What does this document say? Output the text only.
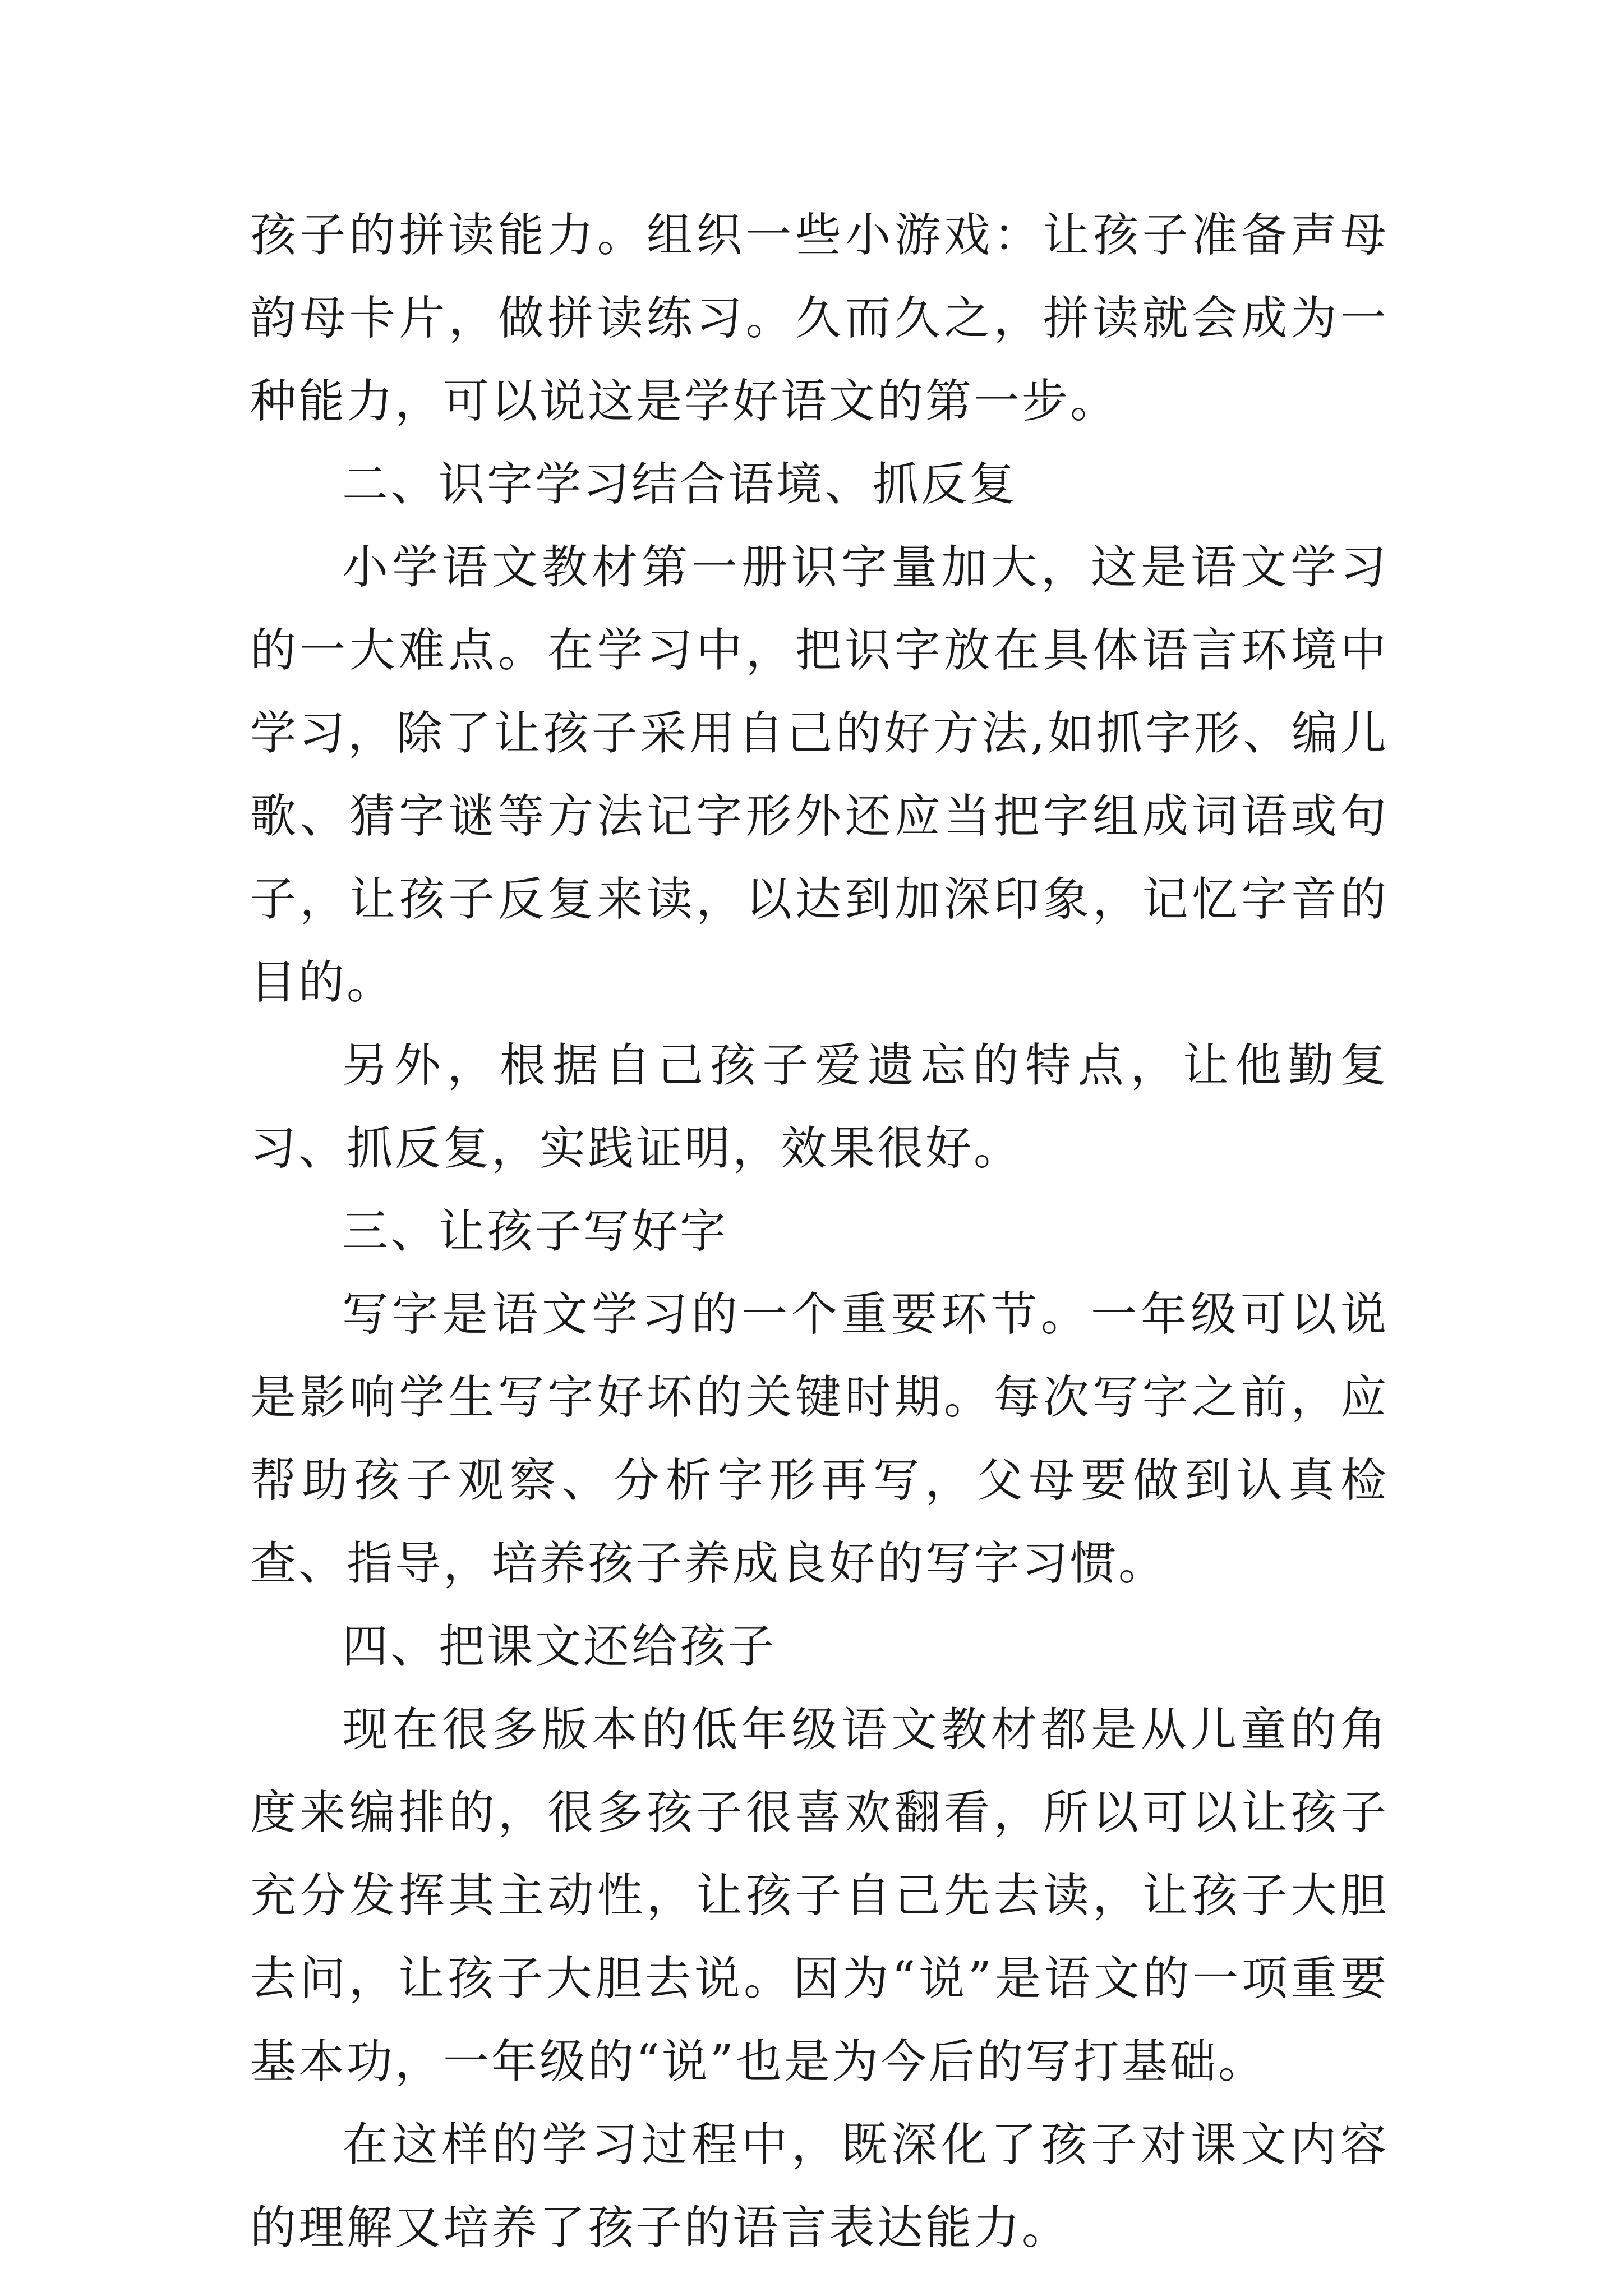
孩子的拼读能力。组织一些小游戏：让孩子准备声母韵母卡片，做拼读练习。久而久之，拼读就会成为一种能力，可以说这是学好语文的第一步。

二、识字学习结合语境、抓反复

小学语文教材第一册识字量加大，这是语文学习的一大难点。在学习中，把识字放在具体语言环境中学习，除了让孩子采用自己的好方法,如抓字形、编儿歌、猜字谜等方法记字形外还应当把字组成词语或句子，让孩子反复来读，以达到加深印象，记忆字音的目的。

另外，根据自己孩子爱遗忘的特点，让他勤复习、抓反复，实践证明，效果很好。

三、让孩子写好字

写字是语文学习的一个重要环节。一年级可以说是影响学生写字好坏的关键时期。每次写字之前，应帮助孩子观察、分析字形再写，父母要做到认真检查、指导，培养孩子养成良好的写字习惯。

四、把课文还给孩子

现在很多版本的低年级语文教材都是从儿童的角度来编排的，很多孩子很喜欢翻看，所以可以让孩子充分发挥其主动性，让孩子自己先去读，让孩子大胆去问，让孩子大胆去说。因为“说”是语文的一项重要基本功，一年级的“说”也是为今后的写打基础。

在这样的学习过程中，既深化了孩子对课文内容的理解又培养了孩子的语言表达能力。
